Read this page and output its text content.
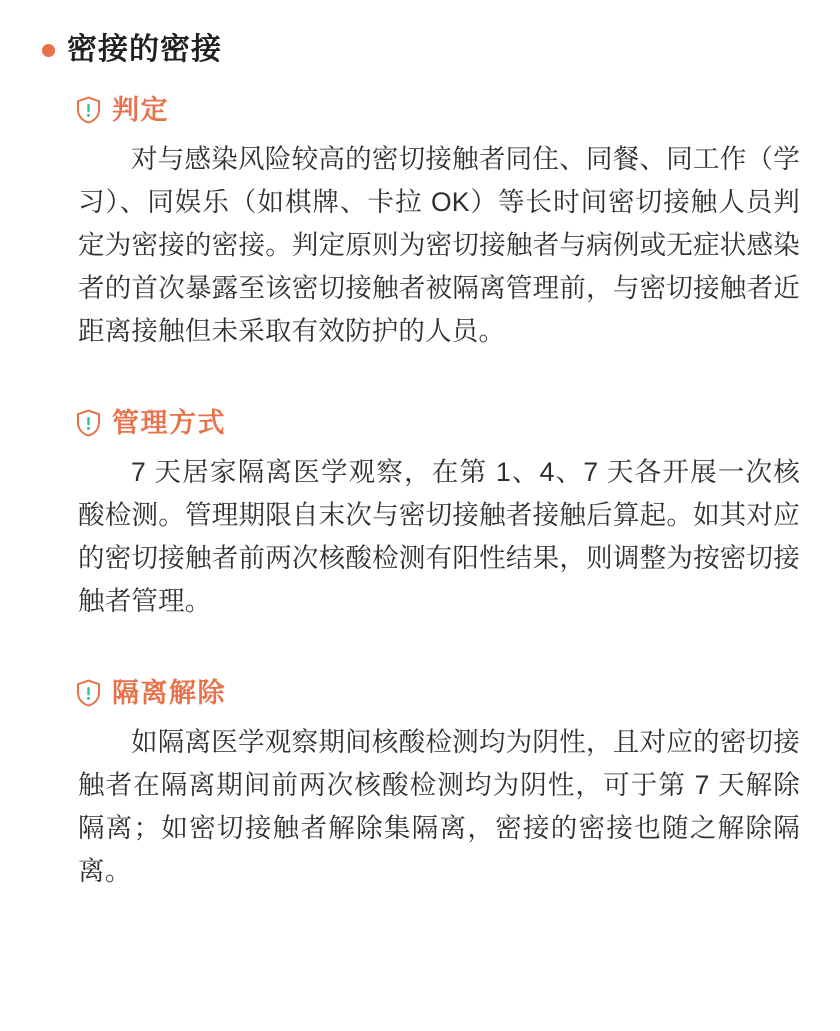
密接的密接
判定

对与感染风险较高的密切接触者同住、同餐、同工作（学习）、同娱乐（如棋牌、卡拉 OK）等长时间密切接触人员判定为密接的密接。判定原则为密切接触者与病例或无症状感染者的首次暴露至该密切接触者被隔离管理前，与密切接触者近距离接触但未采取有效防护的人员。

管理方式

7 天居家隔离医学观察，在第 1、4、7 天各开展一次核酸检测。管理期限自末次与密切接触者接触后算起。如其对应的密切接触者前两次核酸检测有阳性结果，则调整为按密切接触者管理。

隔离解除

如隔离医学观察期间核酸检测均为阴性，且对应的密切接触者在隔离期间前两次核酸检测均为阴性，可于第 7 天解除隔离；如密切接触者解除集隔离，密接的密接也随之解除隔离。
